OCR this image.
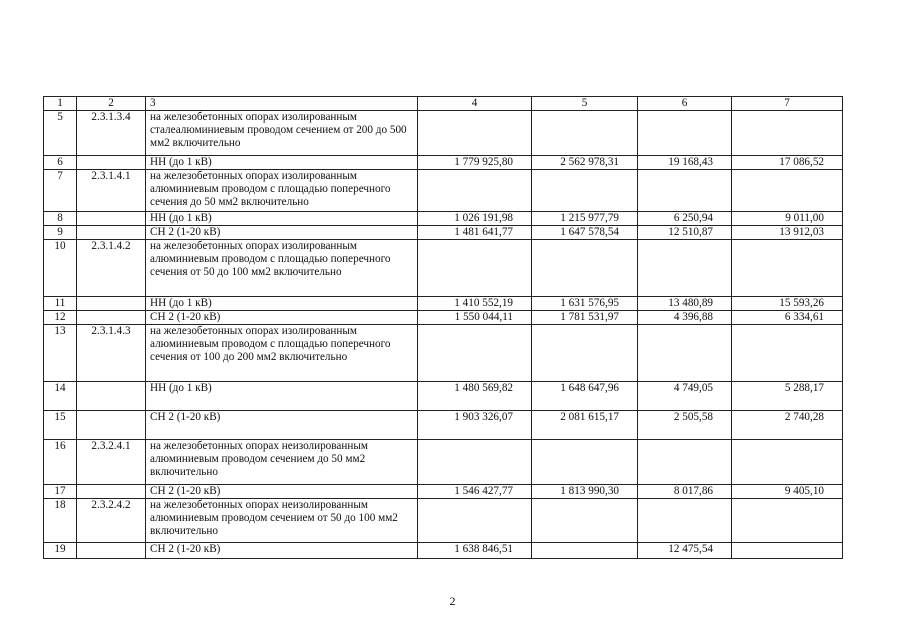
1	2	3	4	5	6	7
5	2.3.1.3.4	на железобетонных опорах изолированным сталеалюминиевым проводом сечением от 200 до 500 мм2 включительно				
6		НН (до 1 кВ)	1 779 925,80	2 562 978,31	19 168,43	17 086,52
7	2.3.1.4.1	на железобетонных опорах изолированным алюминиевым проводом с площадью поперечного сечения до 50 мм2 включительно				
8		НН (до 1 кВ)	1 026 191,98	1 215 977,79	6 250,94	9 011,00
9		СН 2 (1-20 кВ)	1 481 641,77	1 647 578,54	12 510,87	13 912,03
10	2.3.1.4.2	на железобетонных опорах изолированным алюминиевым проводом с площадью поперечного сечения от 50 до 100 мм2 включительно				
11		НН (до 1 кВ)	1 410 552,19	1 631 576,95	13 480,89	15 593,26
12		СН 2 (1-20 кВ)	1 550 044,11	1 781 531,97	4 396,88	6 334,61
13	2.3.1.4.3	на железобетонных опорах изолированным алюминиевым проводом с площадью поперечного сечения от 100 до 200 мм2 включительно				
14		НН (до 1 кВ)	1 480 569,82	1 648 647,96	4 749,05	5 288,17
15		СН 2 (1-20 кВ)	1 903 326,07	2 081 615,17	2 505,58	2 740,28
16	2.3.2.4.1	на железобетонных опорах неизолированным алюминиевым проводом сечением до 50 мм2 включительно				
17		СН 2 (1-20 кВ)	1 546 427,77	1 813 990,30	8 017,86	9 405,10
18	2.3.2.4.2	на железобетонных опорах неизолированным алюминиевым проводом сечением от 50 до 100 мм2 включительно				
19		СН 2 (1-20 кВ)	1 638 846,51		12 475,54	
2
